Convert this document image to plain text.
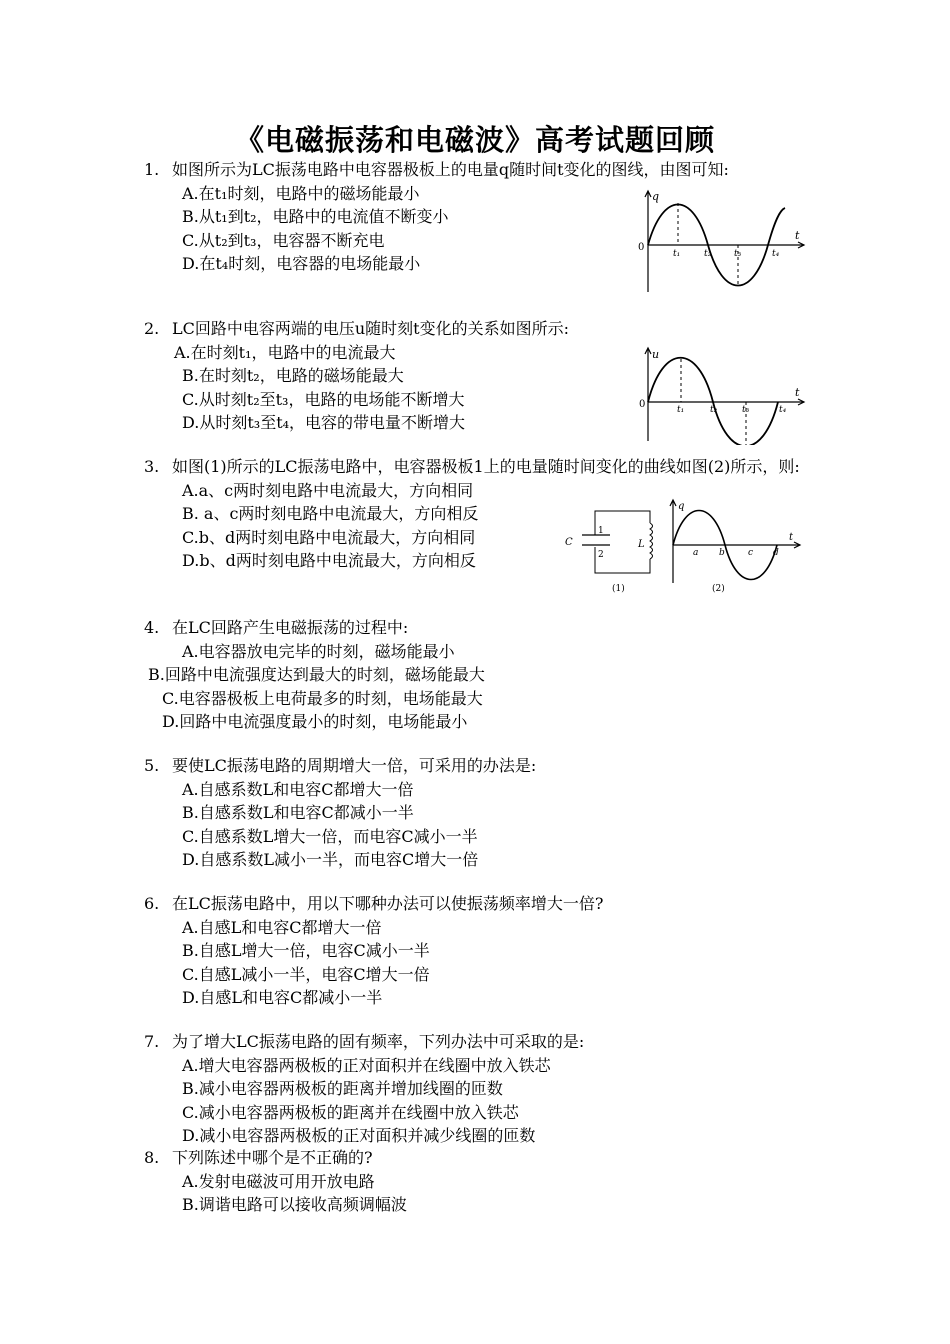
《电磁振荡和电磁波》高考试题回顾
1. 如图所示为LC振荡电路中电容器极板上的电量q随时间t变化的图线，由图可知:
A.在t₁时刻，电路中的磁场能最小
B.从t₁到t₂，电路中的电流值不断变小
C.从t₂到t₃，电容器不断充电
D.在t₄时刻，电容器的电场能最小
2. LC回路中电容两端的电压u随时刻t变化的关系如图所示:
A.在时刻t₁，电路中的电流最大
B.在时刻t₂，电路的磁场能最大
C.从时刻t₂至t₃，电路的电场能不断增大
D.从时刻t₃至t₄，电容的带电量不断增大
3. 如图(1)所示的LC振荡电路中，电容器极板1上的电量随时间变化的曲线如图(2)所示，则:
A.a、c两时刻电路中电流最大，方向相同
B. a、c两时刻电路中电流最大，方向相反
C.b、d两时刻电路中电流最大，方向相同
D.b、d两时刻电路中电流最大，方向相反
4. 在LC回路产生电磁振荡的过程中:
A.电容器放电完毕的时刻，磁场能最小
B.回路中电流强度达到最大的时刻，磁场能最大
C.电容器极板上电荷最多的时刻，电场能最大
D.回路中电流强度最小的时刻，电场能最小
5. 要使LC振荡电路的周期增大一倍，可采用的办法是:
A.自感系数L和电容C都增大一倍
B.自感系数L和电容C都减小一半
C.自感系数L增大一倍，而电容C减小一半
D.自感系数L减小一半，而电容C增大一倍
6. 在LC振荡电路中，用以下哪种办法可以使振荡频率增大一倍?
A.自感L和电容C都增大一倍
B.自感L增大一倍，电容C减小一半
C.自感L减小一半，电容C增大一倍
D.自感L和电容C都减小一半
7. 为了增大LC振荡电路的固有频率，下列办法中可采取的是:
A.增大电容器两极板的正对面积并在线圈中放入铁芯
B.减小电容器两极板的距离并增加线圈的匝数
C.减小电容器两极板的距离并在线圈中放入铁芯
D.减小电容器两极板的正对面积并减少线圈的匝数
8. 下列陈述中哪个是不正确的?
A.发射电磁波可用开放电路
B.调谐电路可以接收高频调幅波
q
t
0
t₁	t₂	t₃	t₄
u
t
0	t₁	t₂	t₃	t₄
C	L
1
2
(1)
q
t
a b	c d
(2)
